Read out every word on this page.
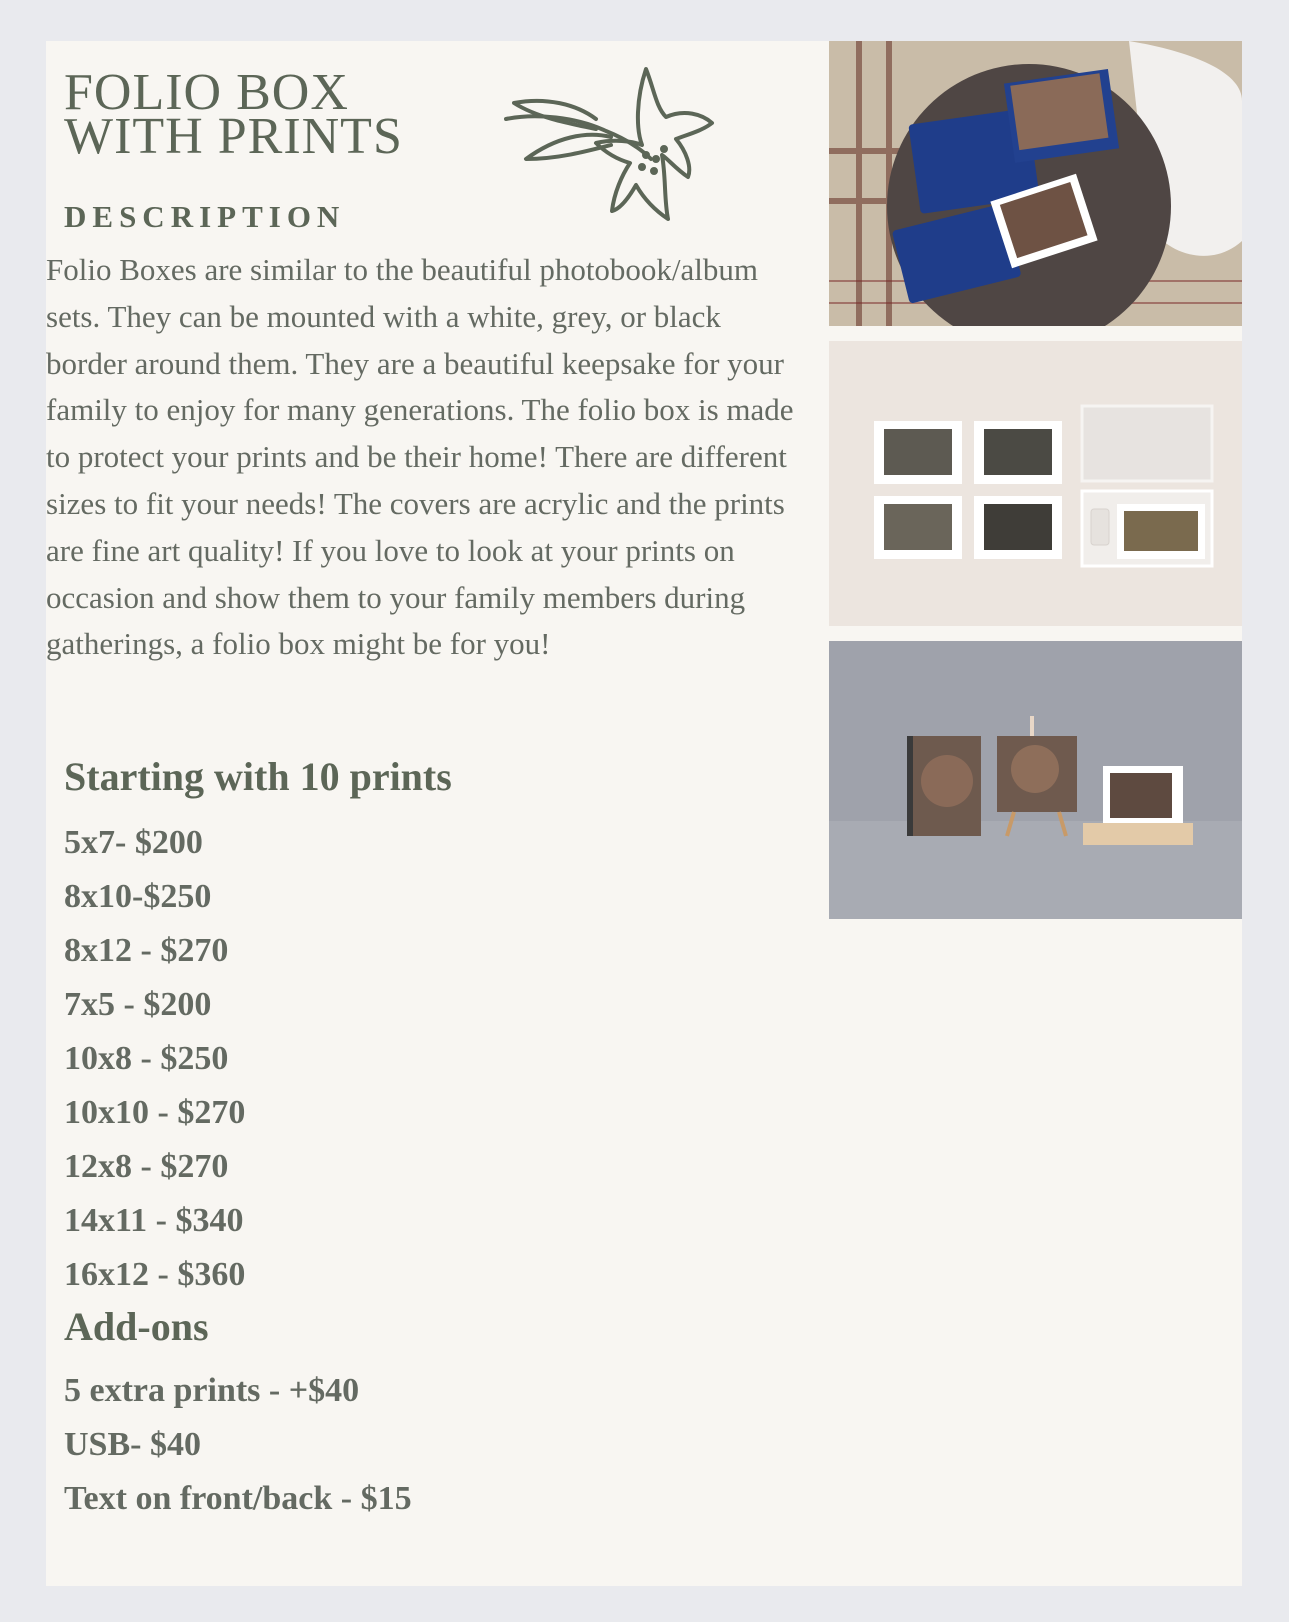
FOLIO BOX
WITH PRINTS
DESCRIPTION

Folio Boxes are similar to the beautiful photobook/album sets. They can be mounted with a white, grey, or black border around them. They are a beautiful keepsake for your family to enjoy for many generations. The folio box is made to protect your prints and be their home! There are different sizes to fit your needs! The covers are acrylic and the prints are fine art quality! If you love to look at your prints on occasion and show them to your family members during gatherings, a folio box might be for you!

Starting with 10 prints
5x7- $200
8x10-$250
8x12 - $270
7x5 - $200
10x8 - $250
10x10 - $270
12x8 - $270
14x11 - $340
16x12 - $360
Add-ons
5 extra prints - +$40
USB- $40
Text on front/back - $15
